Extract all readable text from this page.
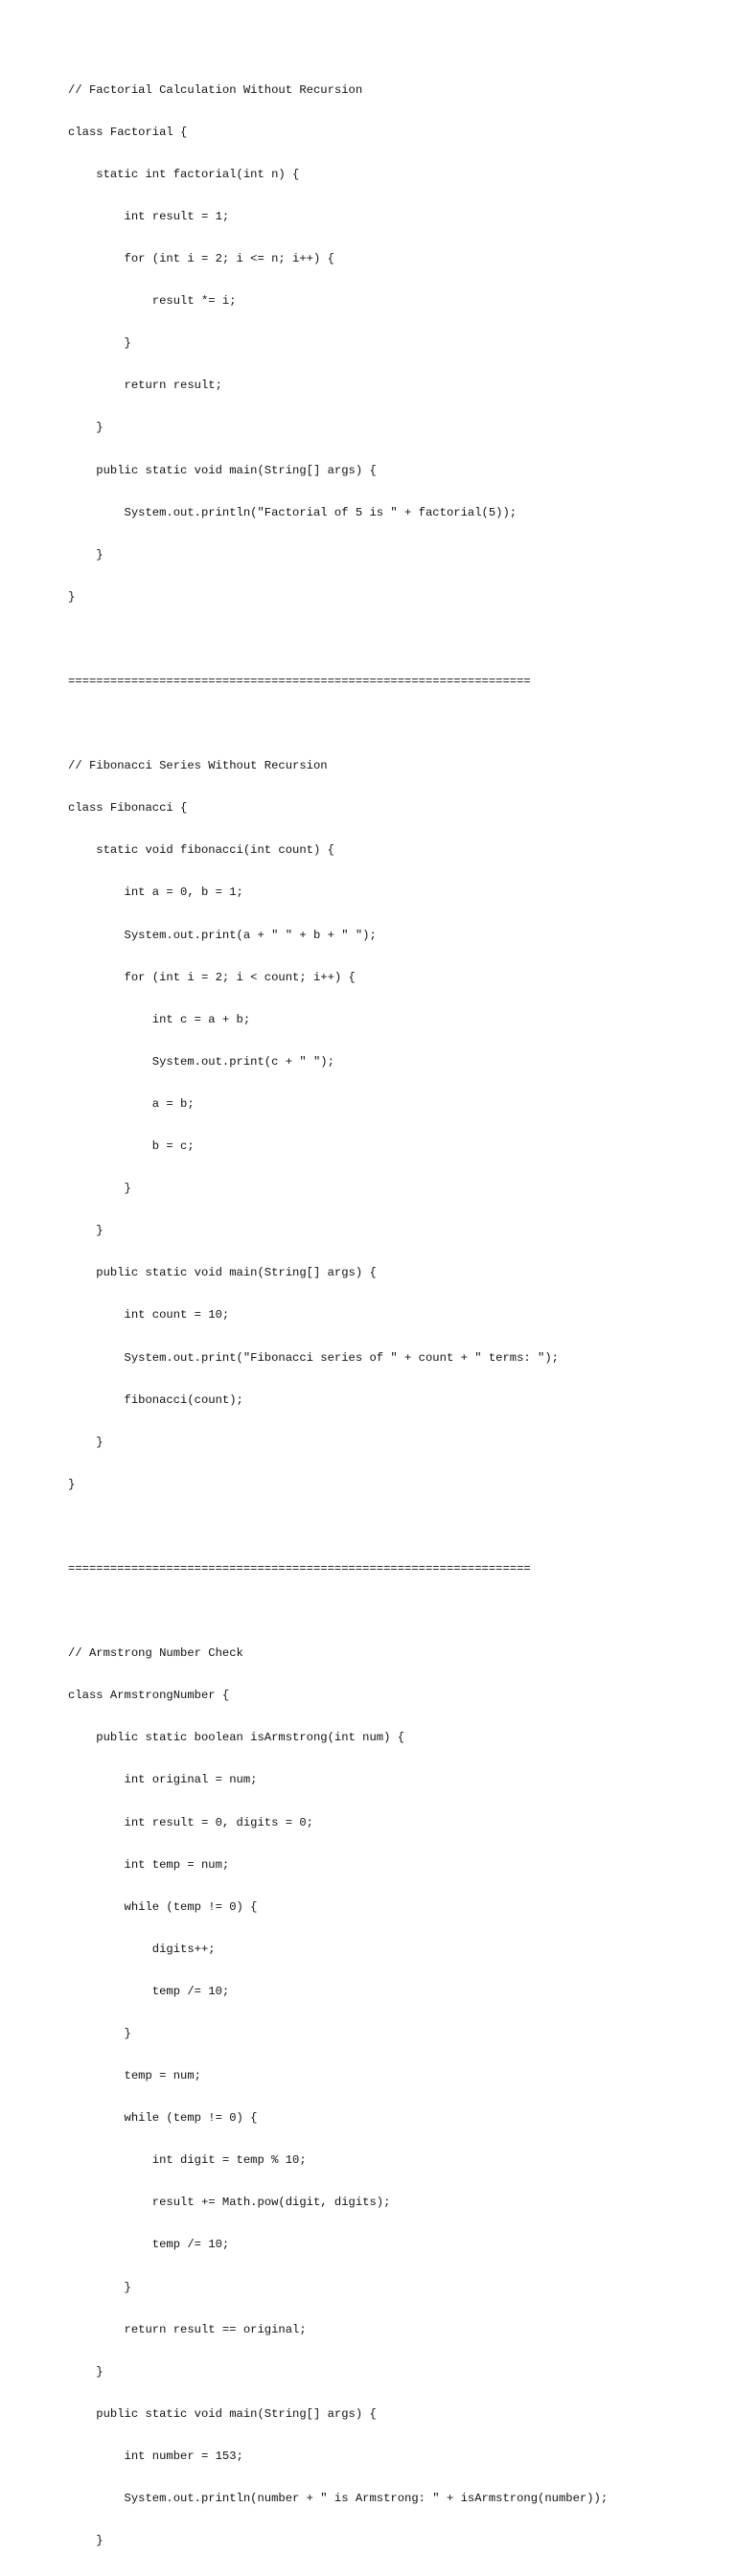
// Factorial Calculation Without Recursion

class Factorial {

static int factorial(int n) {

int result = 1;

for (int i = 2; i <= n; i++) {

result *= i;

}

return result;

}

public static void main(String[] args) {

System.out.println("Factorial of 5 is " + factorial(5));

}

}

==================================================================

// Fibonacci Series Without Recursion

class Fibonacci {

static void fibonacci(int count) {

int a = 0, b = 1;

System.out.print(a + " " + b + " ");

for (int i = 2; i < count; i++) {

int c = a + b;

System.out.print(c + " ");

a = b;

b = c;

}

}

public static void main(String[] args) {

int count = 10;

System.out.print("Fibonacci series of " + count + " terms: ");

fibonacci(count);

}

}

==================================================================

// Armstrong Number Check

class ArmstrongNumber {

public static boolean isArmstrong(int num) {

int original = num;

int result = 0, digits = 0;

int temp = num;

while (temp != 0) {

digits++;

temp /= 10;

}

temp = num;

while (temp != 0) {

int digit = temp % 10;

result += Math.pow(digit, digits);

temp /= 10;

}

return result == original;

}

public static void main(String[] args) {

int number = 153;

System.out.println(number + " is Armstrong: " + isArmstrong(number));

}
